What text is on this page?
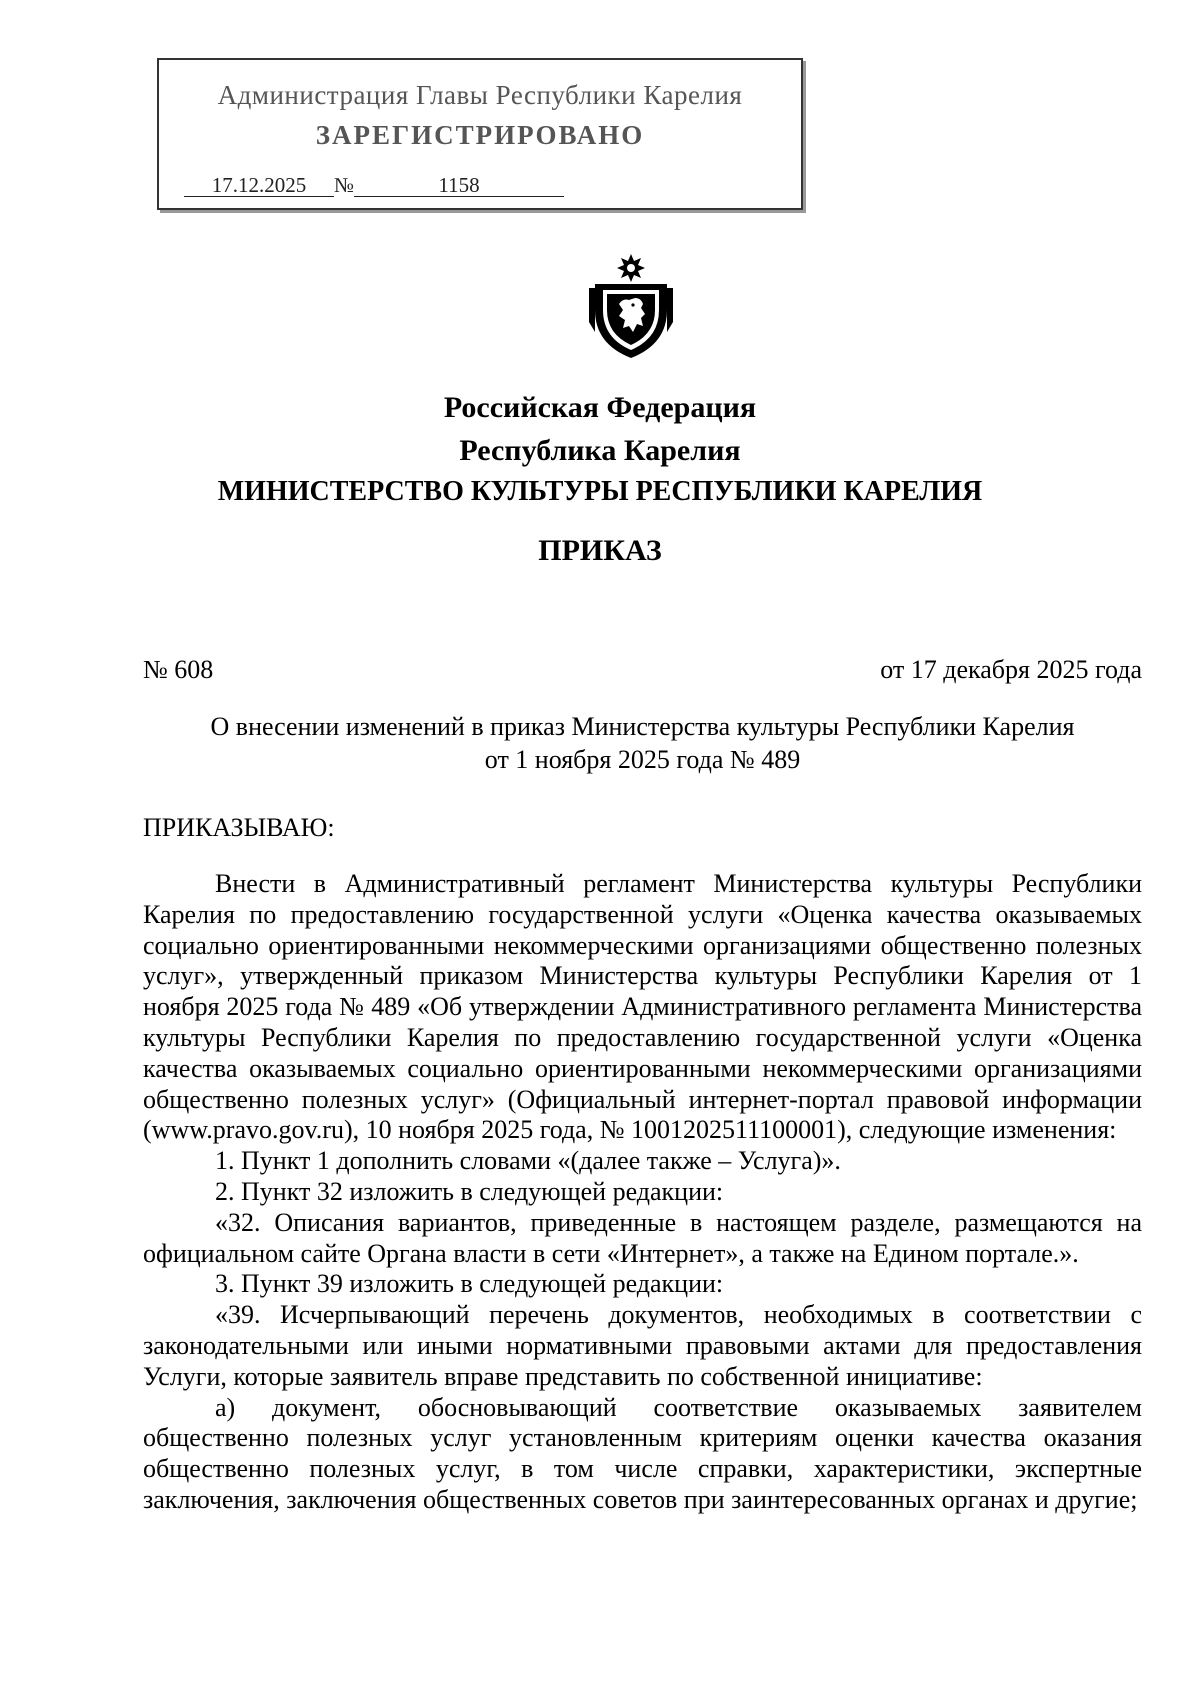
Администрация Главы Республики Карелия
ЗАРЕГИСТРИРОВАНО
17.12.2025 №	1158
Российская Федерация
Республика Карелия
МИНИСТЕРСТВО КУЛЬТУРЫ РЕСПУБЛИКИ КАРЕЛИЯ
ПРИКАЗ
№ 608	от 17 декабря 2025 года
О внесении изменений в приказ Министерства культуры Республики Карелия
от 1 ноября 2025 года № 489
ПРИКАЗЫВАЮ:

Внести в Административный регламент Министерства культуры Республики Карелия по предоставлению государственной услуги «Оценка качества оказываемых социально ориентированными некоммерческими организациями общественно полезных услуг», утвержденный приказом Министерства культуры Республики Карелия от 1 ноября 2025 года № 489 «Об утверждении Административного регламента Министерства культуры Республики Карелия по предоставлению государственной услуги «Оценка качества оказываемых социально ориентированными некоммерческими организациями общественно полезных услуг» (Официальный интернет-портал правовой информации (www.pravo.gov.ru), 10 ноября 2025 года, № 1001202511100001), следующие изменения:

1. Пункт 1 дополнить словами «(далее также – Услуга)».

2. Пункт 32 изложить в следующей редакции:

«32. Описания вариантов, приведенные в настоящем разделе, размещаются на официальном сайте Органа власти в сети «Интернет», а также на Едином портале.».

3. Пункт 39 изложить в следующей редакции:

«39. Исчерпывающий перечень документов, необходимых в соответствии с законодательными или иными нормативными правовыми актами для предоставления Услуги, которые заявитель вправе представить по собственной инициативе:

а) документ, обосновывающий соответствие оказываемых заявителем общественно полезных услуг установленным критериям оценки качества оказания общественно полезных услуг, в том числе справки, характеристики, экспертные заключения, заключения общественных советов при заинтересованных органах и другие;
